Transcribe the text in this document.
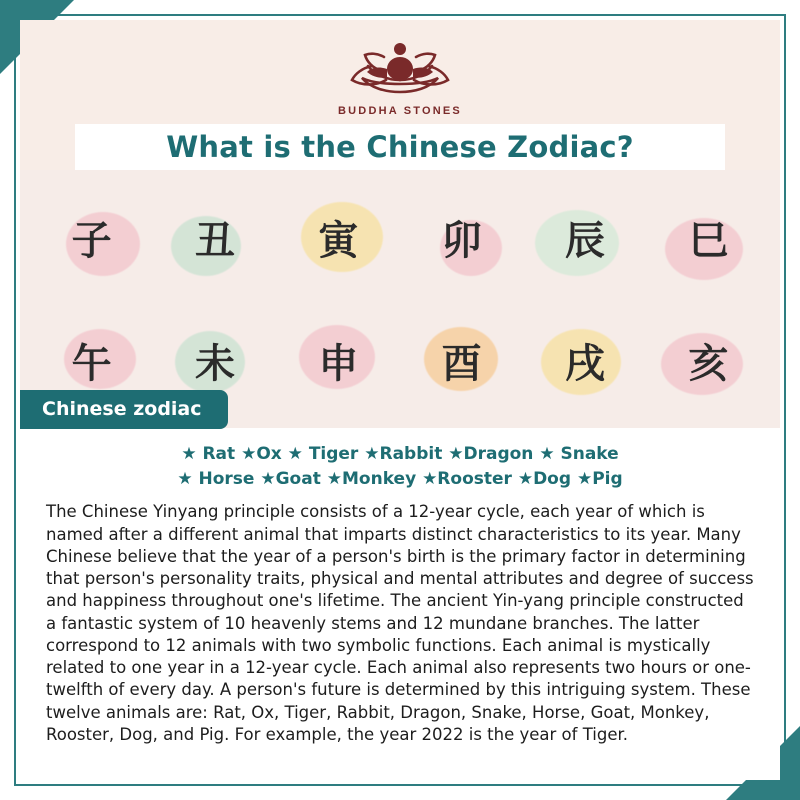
BUDDHA STONES
What is the Chinese Zodiac?
子 丑 寅 卯 辰 巳
午 未 申 酉 戌 亥
Chinese zodiac
★ Rat ★Ox ★ Tiger ★Rabbit ★Dragon ★ Snake
★ Horse ★Goat ★Monkey ★Rooster ★Dog ★Pig
The Chinese Yinyang principle consists of a 12-year cycle, each year of which is named after a different animal that imparts distinct characteristics to its year. Many Chinese believe that the year of a person's birth is the primary factor in determining that person's personality traits, physical and mental attributes and degree of success and happiness throughout one's lifetime. The ancient Yin-yang principle constructed a fantastic system of 10 heavenly stems and 12 mundane branches. The latter correspond to 12 animals with two symbolic functions. Each animal is mystically related to one year in a 12-year cycle. Each animal also represents two hours or one-twelfth of every day. A person's future is determined by this intriguing system. These twelve animals are: Rat, Ox, Tiger, Rabbit, Dragon, Snake, Horse, Goat, Monkey, Rooster, Dog, and Pig. For example, the year 2022 is the year of Tiger.
